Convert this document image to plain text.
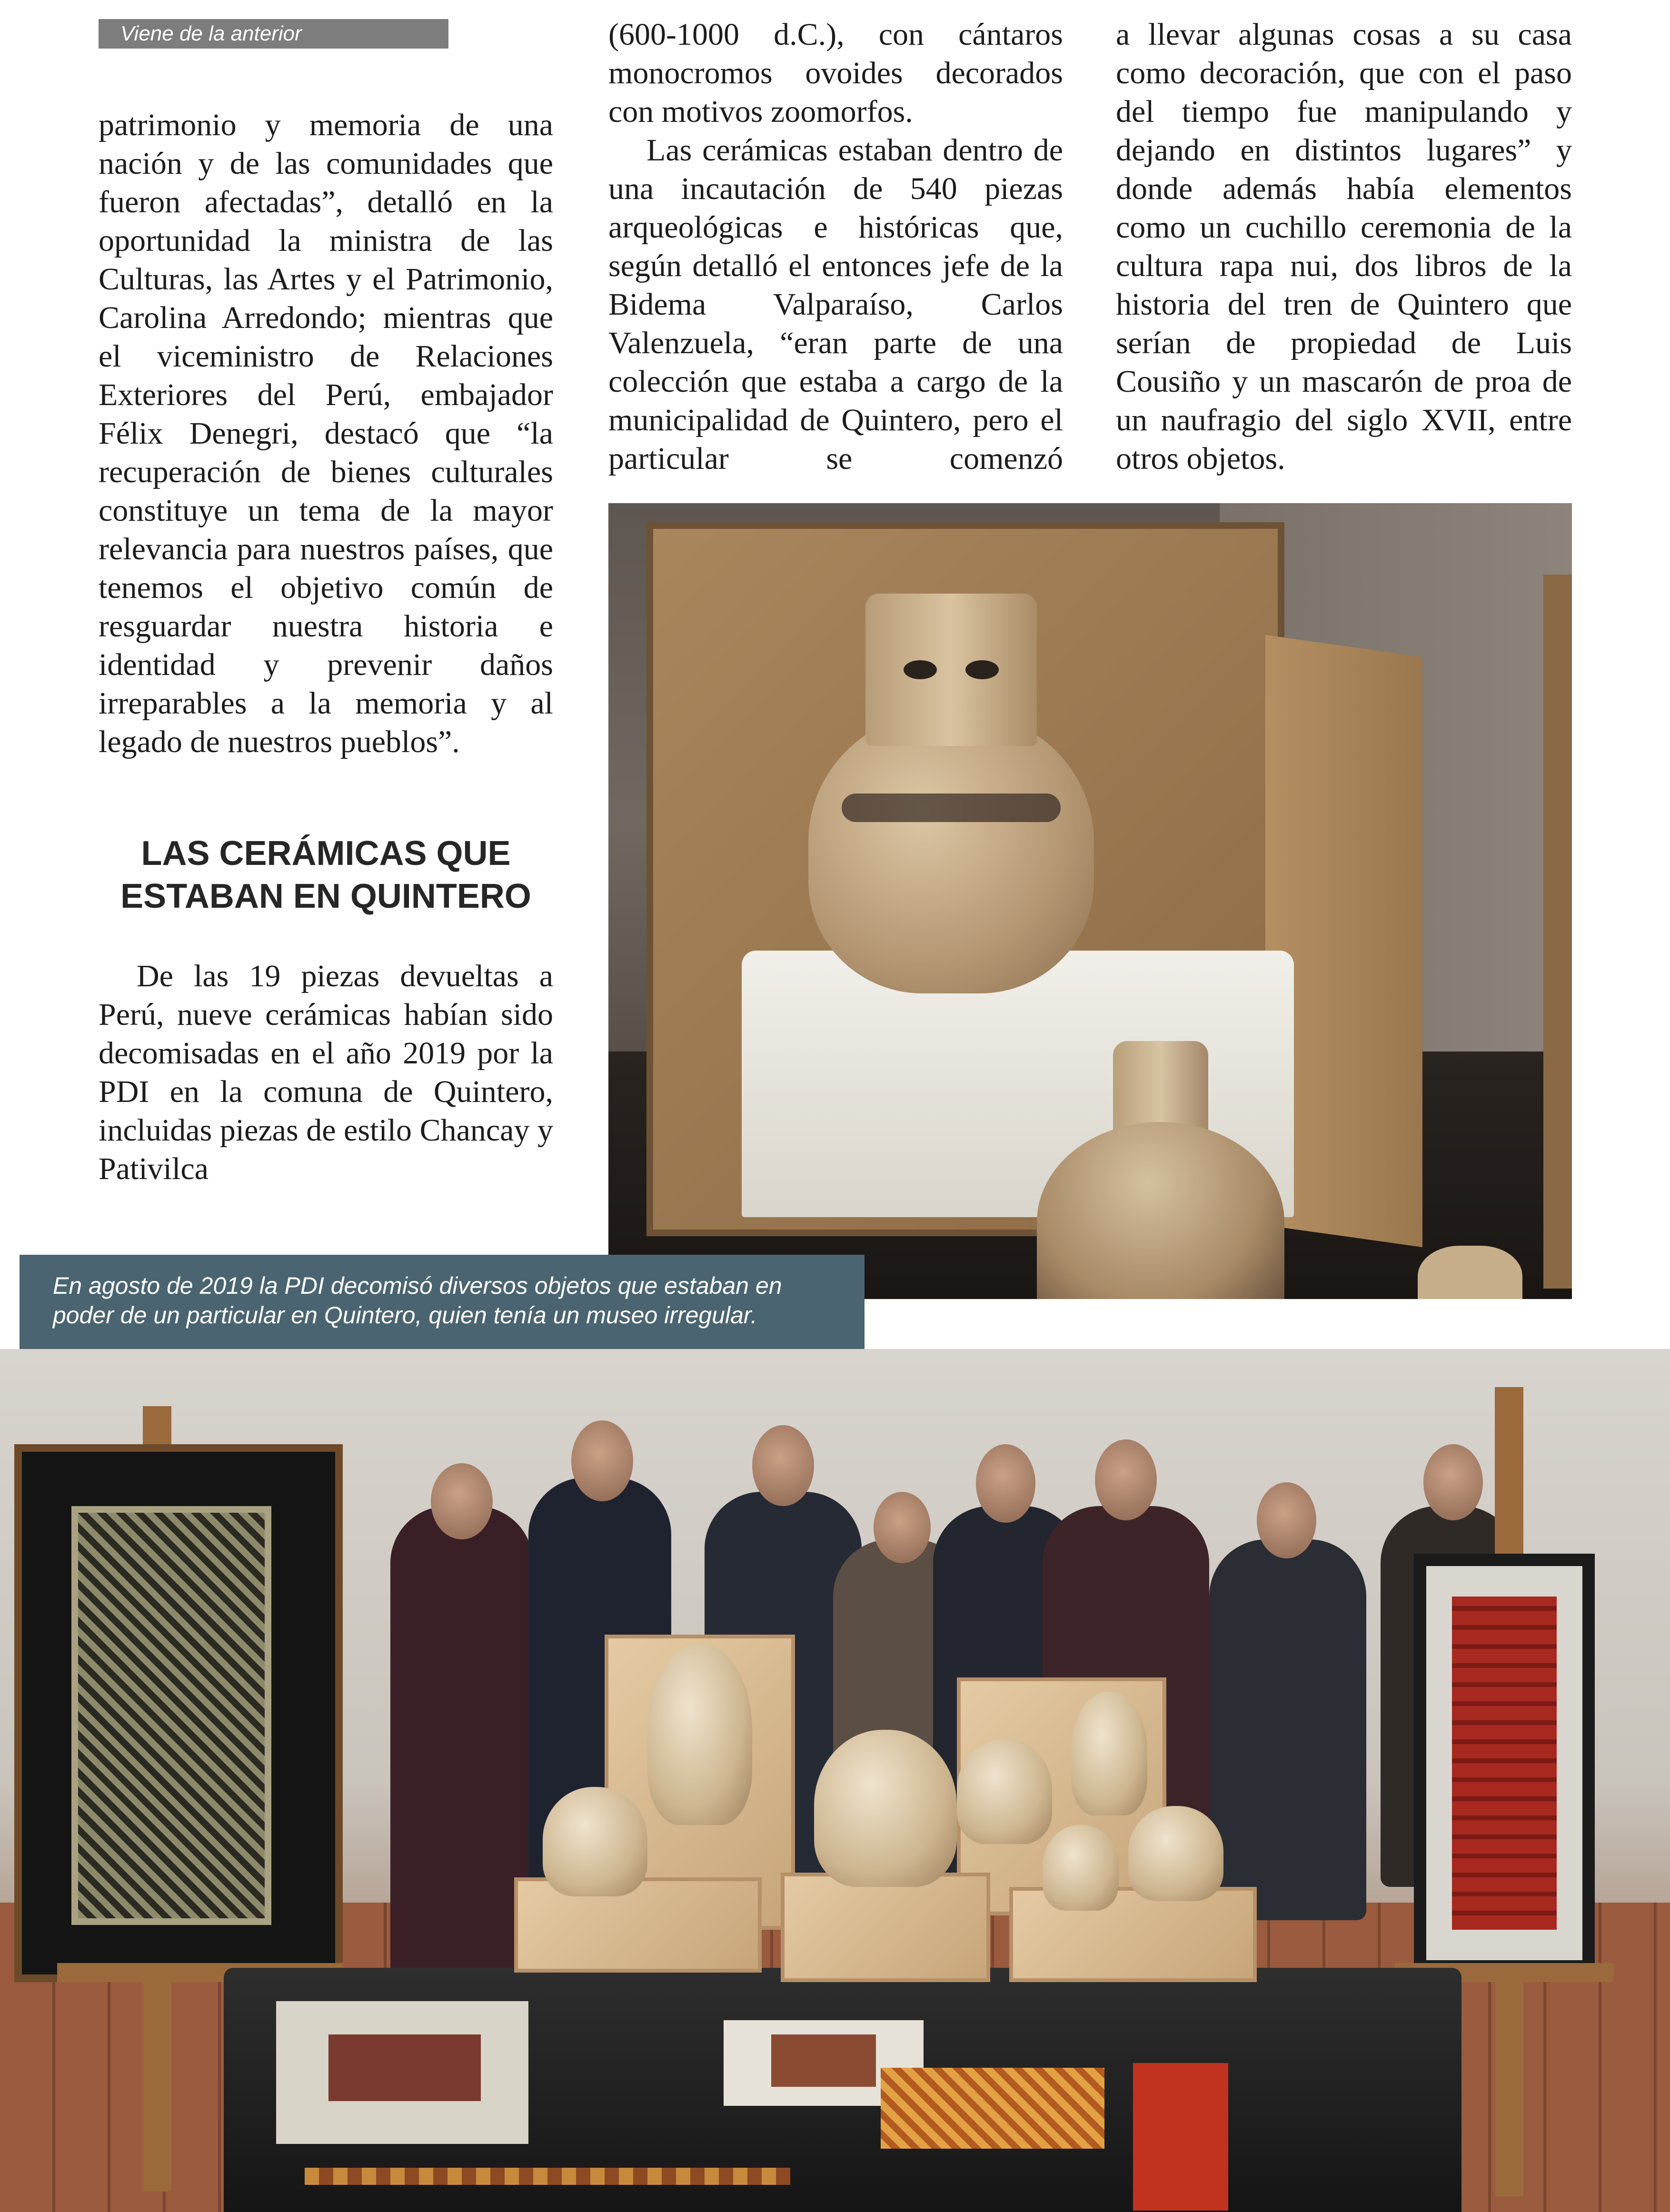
Viene de la anterior

patrimonio y memoria de una nación y de las comunidades que fueron afectadas”, detalló en la oportunidad la ministra de las Culturas, las Artes y el Patrimonio, Carolina Arredondo; mientras que el viceministro de Relaciones Exteriores del Perú, embajador Félix Denegri, destacó que “la recuperación de bienes culturales constituye un tema de la mayor relevancia para nuestros países, que tenemos el objetivo común de resguardar nuestra historia e identidad y prevenir daños irreparables a la memoria y al legado de nuestros pueblos”.

LAS CERÁMICAS QUE ESTABAN EN QUINTERO

De las 19 piezas devueltas a Perú, nueve cerámicas habían sido decomisadas en el año 2019 por la PDI en la comuna de Quintero, incluidas piezas de estilo Chancay y Pativilca

(600-1000 d.C.), con cántaros monocromos ovoides decorados con motivos zoomorfos.

Las cerámicas estaban dentro de una incautación de 540 piezas arqueológicas e históricas que, según detalló el entonces jefe de la Bidema Valparaíso, Carlos Valenzuela, “eran parte de una colección que estaba a cargo de la municipalidad de Quintero, pero el particular se comenzó

a llevar algunas cosas a su casa como decoración, que con el paso del tiempo fue manipulando y dejando en distintos lugares” y donde además había elementos como un cuchillo ceremonia de la cultura rapa nui, dos libros de la historia del tren de Quintero que serían de propiedad de Luis Cousiño y un mascarón de proa de un naufragio del siglo XVII, entre otros objetos.

En agosto de 2019 la PDI decomisó diversos objetos que estaban en
poder de un particular en Quintero, quien tenía un museo irregular.
